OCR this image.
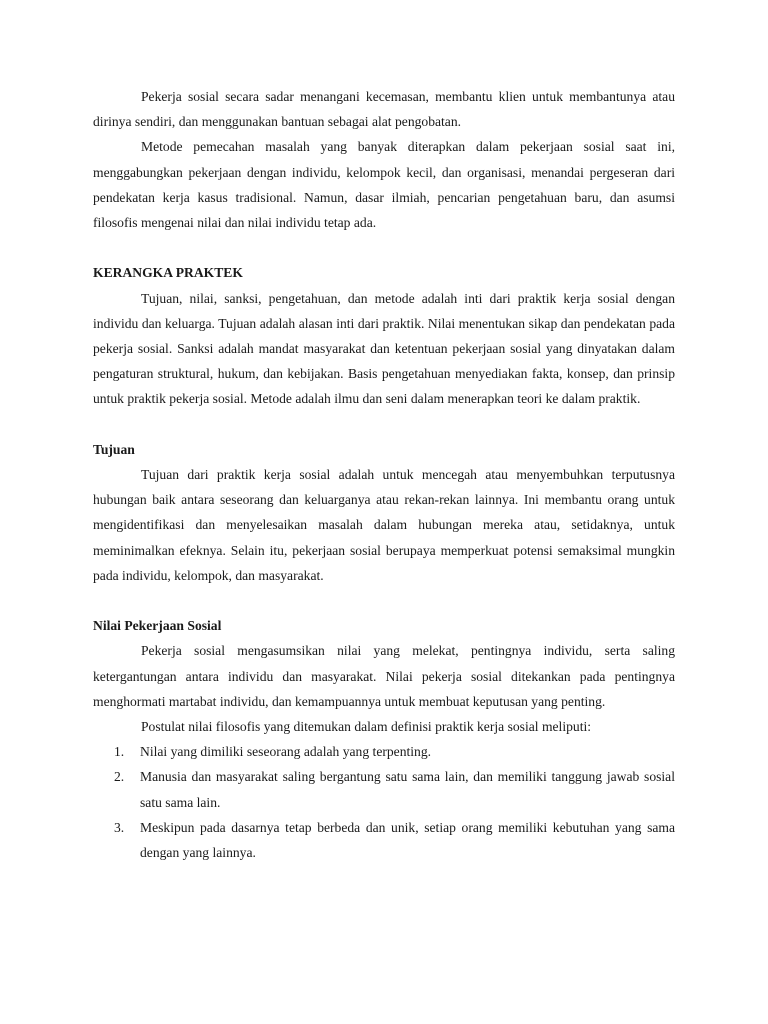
Pekerja sosial secara sadar menangani kecemasan, membantu klien untuk membantunya atau dirinya sendiri, dan menggunakan bantuan sebagai alat pengobatan.

Metode pemecahan masalah yang banyak diterapkan dalam pekerjaan sosial saat ini, menggabungkan pekerjaan dengan individu, kelompok kecil, dan organisasi, menandai pergeseran dari pendekatan kerja kasus tradisional. Namun, dasar ilmiah, pencarian pengetahuan baru, dan asumsi filosofis mengenai nilai dan nilai individu tetap ada.

KERANGKA PRAKTEK

Tujuan, nilai, sanksi, pengetahuan, dan metode adalah inti dari praktik kerja sosial dengan individu dan keluarga. Tujuan adalah alasan inti dari praktik. Nilai menentukan sikap dan pendekatan pada pekerja sosial. Sanksi adalah mandat masyarakat dan ketentuan pekerjaan sosial yang dinyatakan dalam pengaturan struktural, hukum, dan kebijakan. Basis pengetahuan menyediakan fakta, konsep, dan prinsip untuk praktik pekerja sosial. Metode adalah ilmu dan seni dalam menerapkan teori ke dalam praktik.

Tujuan

Tujuan dari praktik kerja sosial adalah untuk mencegah atau menyembuhkan terputusnya hubungan baik antara seseorang dan keluarganya atau rekan-rekan lainnya. Ini membantu orang untuk mengidentifikasi dan menyelesaikan masalah dalam hubungan mereka atau, setidaknya, untuk meminimalkan efeknya. Selain itu, pekerjaan sosial berupaya memperkuat potensi semaksimal mungkin pada individu, kelompok, dan masyarakat.

Nilai Pekerjaan Sosial

Pekerja sosial mengasumsikan nilai yang melekat, pentingnya individu, serta saling ketergantungan antara individu dan masyarakat. Nilai pekerja sosial ditekankan pada pentingnya menghormati martabat individu, dan kemampuannya untuk membuat keputusan yang penting.

Postulat nilai filosofis yang ditemukan dalam definisi praktik kerja sosial meliputi:

1. Nilai yang dimiliki seseorang adalah yang terpenting.
2. Manusia dan masyarakat saling bergantung satu sama lain, dan memiliki tanggung jawab sosial satu sama lain.
3. Meskipun pada dasarnya tetap berbeda dan unik, setiap orang memiliki kebutuhan yang sama dengan yang lainnya.
